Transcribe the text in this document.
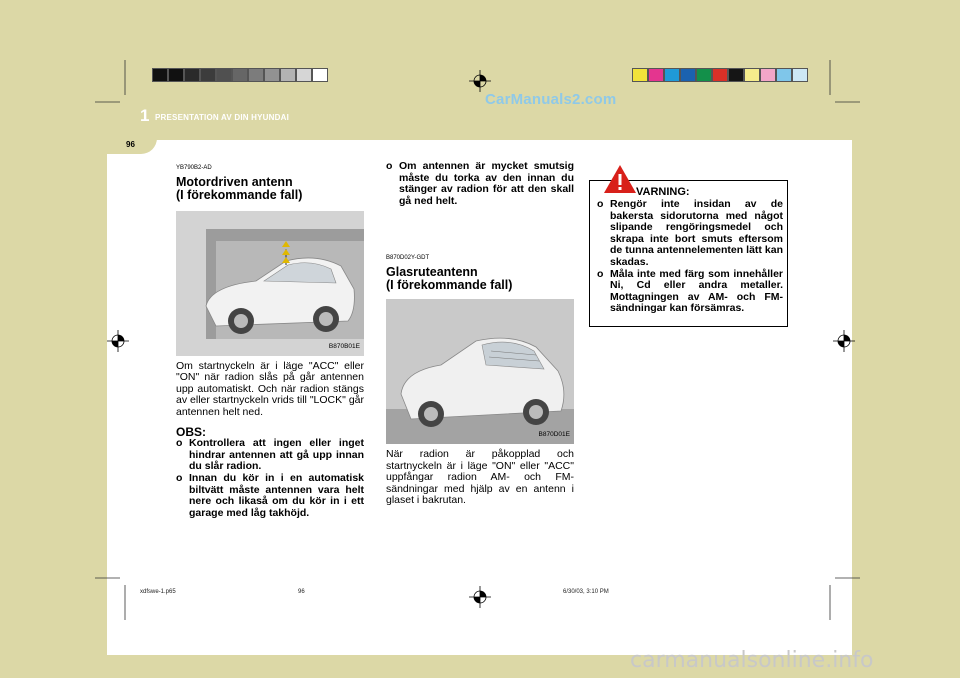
1 PRESENTATION AV DIN HYUNDAI
96
CarManuals2.com
YB790B2-AD
Motordriven antenn
(I förekommande fall)
B870B01E
Om startnyckeln är i läge "ACC" eller "ON" när radion slås på går antennen upp automatiskt. Och när radion stängs av eller startnyckeln vrids till "LOCK" går antennen helt ned.
OBS:
o Kontrollera att ingen eller inget hindrar antennen att gå upp innan du slår radion.
o Innan du kör in i en automatisk biltvätt måste antennen vara helt nere och likaså om du kör in i ett garage med låg takhöjd.
o Om antennen är mycket smutsig måste du torka av den innan du stänger av radion för att den skall gå ned helt.
B870D02Y-GDT
Glasruteantenn
(I förekommande fall)
B870D01E
När radion är påkopplad och startnyckeln är i läge "ON" eller "ACC" uppfångar radion AM- och FM-sändningar med hjälp av en antenn i glaset i bakrutan.
VARNING:
o Rengör inte insidan av de bakersta sidorutorna med något slipande rengöringsmedel och skrapa inte bort smuts eftersom de tunna antennelementen lätt kan skadas.
o Måla inte med färg som innehåller Ni, Cd eller andra metaller. Mottagningen av AM- och FM-sändningar kan försämras.
xdfswe-1.p65	96	6/30/03, 3:10 PM
carmanualsonline.info
